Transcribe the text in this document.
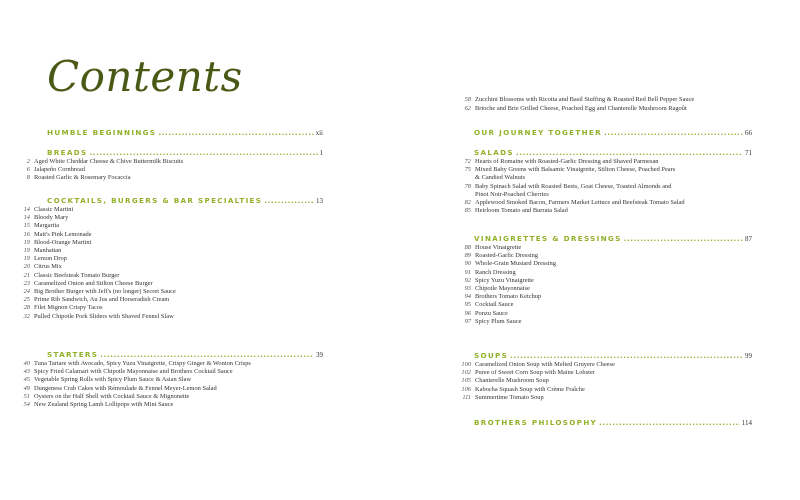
Contents
HUMBLE BEGINNINGS .....	xii
BREADS .....	1
2 Aged White Cheddar Cheese & Chive Buttermilk Biscuits
6 Jalapeño Cornbread
8 Roasted Garlic & Rosemary Focaccia
COCKTAILS, BURGERS & BAR SPECIALTIES .....	13
14 Classic Martini
14 Bloody Mary
15 Margarita
16 Matt's Pink Lemonade
19 Blood-Orange Martini
19 Manhattan
19 Lemon Drop
20 Citrus Mix
21 Classic Beefsteak Tomato Burger
23 Caramelized Onion and Stilton Cheese Burger
24 Big Brother Burger with Jeff's (no longer) Secret Sauce
25 Prime Rib Sandwich, Au Jus and Horseradish Cream
28 Filet Mignon Crispy Tacos
32 Pulled Chipotle Pork Sliders with Shaved Fennel Slaw
STARTERS .....	39
40 Tuna Tartare with Avocado, Spicy Yuzu Vinaigrette, Crispy Ginger & Wonton Crisps
43 Spicy Fried Calamari with Chipotle Mayonnaise and Brothers Cocktail Sauce
45 Vegetable Spring Rolls with Spicy Plum Sauce & Asian Slaw
49 Dungeness Crab Cakes with Rémoulade & Fennel Meyer-Lemon Salad
51 Oysters on the Half Shell with Cocktail Sauce & Mignonette
54 New Zealand Spring Lamb Lollipops with Mint Sauce
58 Zucchini Blossoms with Ricotta and Basil Stuffing & Roasted Red Bell Pepper Sauce
62 Brioche and Brie Grilled Cheese, Poached Egg and Chanterelle Mushroom Ragoût
OUR JOURNEY TOGETHER .....	66
SALADS .....	71
72 Hearts of Romaine with Roasted-Garlic Dressing and Shaved Parmesan
75 Mixed Baby Greens with Balsamic Vinaigrette, Stilton Cheese, Poached Pears
& Candied Walnuts
78 Baby Spinach Salad with Roasted Beets, Goat Cheese, Toasted Almonds and
Pinot Noir-Poached Cherries
82 Applewood Smoked Bacon, Farmers Market Lettuce and Beefsteak Tomato Salad
85 Heirloom Tomato and Burrata Salad
VINAIGRETTES & DRESSINGS .....	87
88 House Vinaigrette
89 Roasted-Garlic Dressing
90 Whole-Grain Mustard Dressing
91 Ranch Dressing
92 Spicy Yuzu Vinaigrette
93 Chipotle Mayonnaise
94 Brothers Tomato Ketchup
95 Cocktail Sauce
96 Ponzu Sauce
97 Spicy Plum Sauce
SOUPS .....	99
100 Caramelized Onion Soup with Melted Gruyere Cheese
102 Puree of Sweet Corn Soup with Maine Lobster
105 Chanterelle Mushroom Soup
106 Kabocha Squash Soup with Crème Fraîche
111 Summertime Tomato Soup
BROTHERS PHILOSOPHY .....	114
